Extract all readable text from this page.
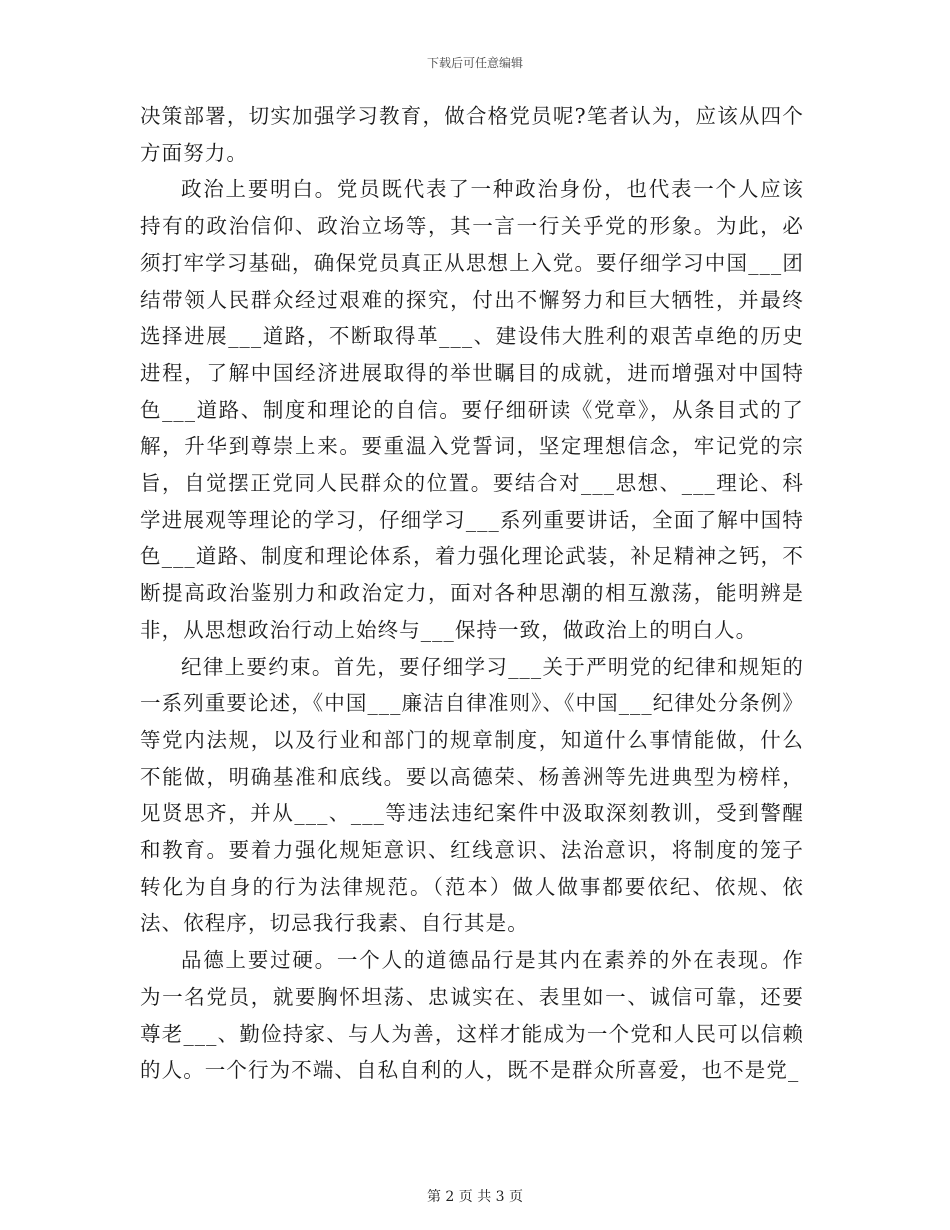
下载后可任意编辑

决策部署，切实加强学习教育，做合格党员呢?笔者认为，应该从四个方面努力。

政治上要明白。党员既代表了一种政治身份，也代表一个人应该持有的政治信仰、政治立场等，其一言一行关乎党的形象。为此，必须打牢学习基础，确保党员真正从思想上入党。要仔细学习中国___团结带领人民群众经过艰难的探究，付出不懈努力和巨大牺牲，并最终选择进展___道路，不断取得革___、建设伟大胜利的艰苦卓绝的历史进程，了解中国经济进展取得的举世瞩目的成就，进而增强对中国特色___道路、制度和理论的自信。要仔细研读《党章》，从条目式的了解，升华到尊崇上来。要重温入党誓词，坚定理想信念，牢记党的宗旨，自觉摆正党同人民群众的位置。要结合对___思想、___理论、科学进展观等理论的学习，仔细学习___系列重要讲话，全面了解中国特色___道路、制度和理论体系，着力强化理论武装，补足精神之钙，不断提高政治鉴别力和政治定力，面对各种思潮的相互激荡，能明辨是非，从思想政治行动上始终与___保持一致，做政治上的明白人。

纪律上要约束。首先，要仔细学习___关于严明党的纪律和规矩的一系列重要论述，《中国___廉洁自律准则》、《中国___纪律处分条例》等党内法规，以及行业和部门的规章制度，知道什么事情能做，什么不能做，明确基准和底线。要以高德荣、杨善洲等先进典型为榜样，见贤思齐，并从___、___等违法违纪案件中汲取深刻教训，受到警醒和教育。要着力强化规矩意识、红线意识、法治意识，将制度的笼子转化为自身的行为法律规范。（范本）做人做事都要依纪、依规、依法、依程序，切忌我行我素、自行其是。

品德上要过硬。一个人的道德品行是其内在素养的外在表现。作为一名党员，就要胸怀坦荡、忠诚实在、表里如一、诚信可靠，还要尊老___、勤俭持家、与人为善，这样才能成为一个党和人民可以信赖的人。一个行为不端、自私自利的人，既不是群众所喜爱，也不是党_

第 2 页 共 3 页
